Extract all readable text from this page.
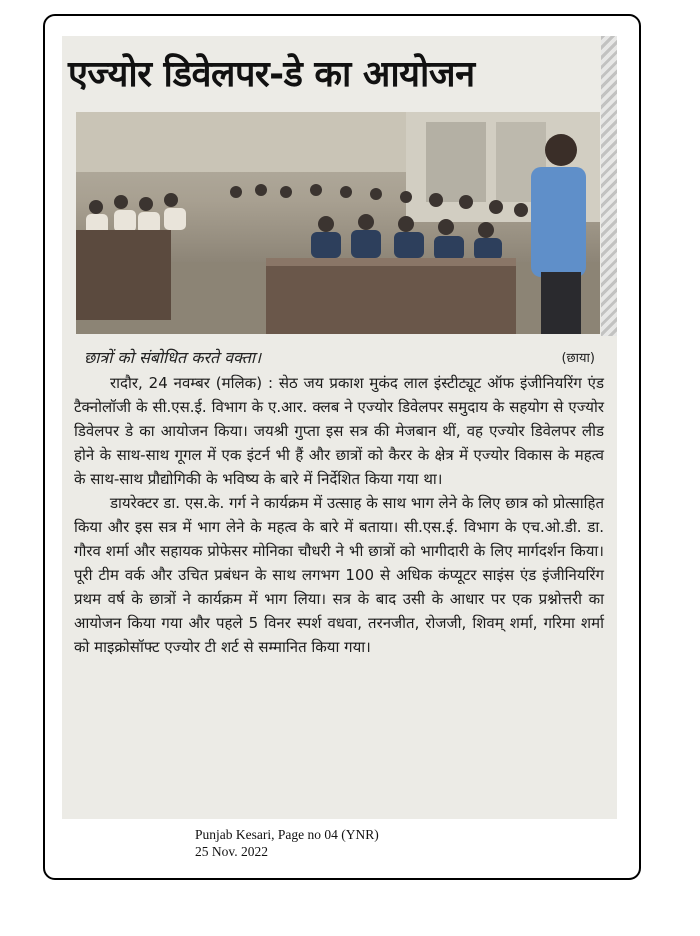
एज्योर डिवेलपर-डे का आयोजन
छात्रों को संबोधित करते वक्ता।	(छाया)

रादौर, 24 नवम्बर (मलिक) : सेठ जय प्रकाश मुकंद लाल इंस्टीट्यूट ऑफ इंजीनियरिंग एंड टैक्नोलॉजी के सी.एस.ई. विभाग के ए.आर. क्लब ने एज्योर डिवेलपर समुदाय के सहयोग से एज्योर डिवेलपर डे का आयोजन किया। जयश्री गुप्ता इस सत्र की मेजबान थीं, वह एज्योर डिवेलपर लीड होने के साथ-साथ गूगल में एक इंटर्न भी हैं और छात्रों को कैरर के क्षेत्र में एज्योर विकास के महत्व के साथ-साथ प्रौद्योगिकी के भविष्य के बारे में निर्देशित किया गया था।

डायरेक्टर डा. एस.के. गर्ग ने कार्यक्रम में उत्साह के साथ भाग लेने के लिए छात्र को प्रोत्साहित किया और इस सत्र में भाग लेने के महत्व के बारे में बताया। सी.एस.ई. विभाग के एच.ओ.डी. डा. गौरव शर्मा और सहायक प्रोफेसर मोनिका चौधरी ने भी छात्रों को भागीदारी के लिए मार्गदर्शन किया। पूरी टीम वर्क और उचित प्रबंधन के साथ लगभग 100 से अधिक कंप्यूटर साइंस एंड इंजीनियरिंग प्रथम वर्ष के छात्रों ने कार्यक्रम में भाग लिया। सत्र के बाद उसी के आधार पर एक प्रश्नोत्तरी का आयोजन किया गया और पहले 5 विनर स्पर्श वधवा, तरनजीत, रोजजी, शिवम् शर्मा, गरिमा शर्मा को माइक्रोसॉफ्ट एज्योर टी शर्ट से सम्मानित किया गया।

Punjab Kesari, Page no 04 (YNR)
25 Nov. 2022
